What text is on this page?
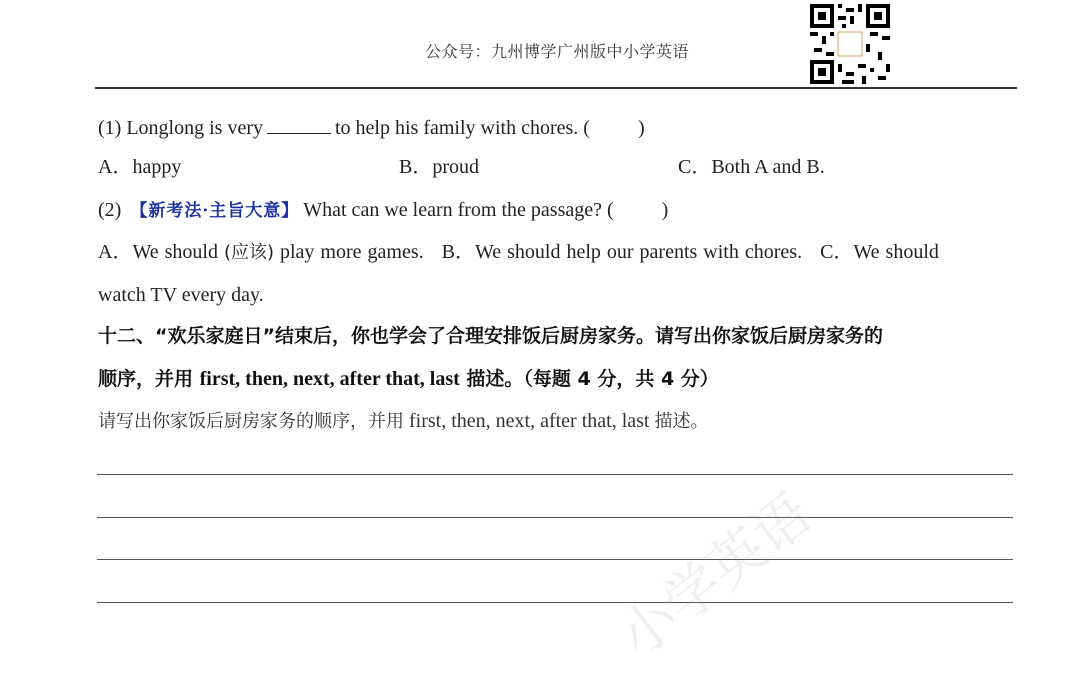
公众号：九州博学广州版中小学英语
(1) Longlong is very	to help his family with chores. ( )
A．happy	B．proud	C．Both A and B.
(2) 【新考法·主旨大意】 What can we learn from the passage? ( )
A．We should (应该) play more games. B．We should help our parents with chores. C．We should
watch TV every day.
十二、“欢乐家庭日”结束后，你也学会了合理安排饭后厨房家务。请写出你家饭后厨房家务的
顺序，并用 first, then, next, after that, last 描述。（每题 4 分，共 4 分）
请写出你家饭后厨房家务的顺序，并用 first, then, next, after that, last 描述。
小学英语
